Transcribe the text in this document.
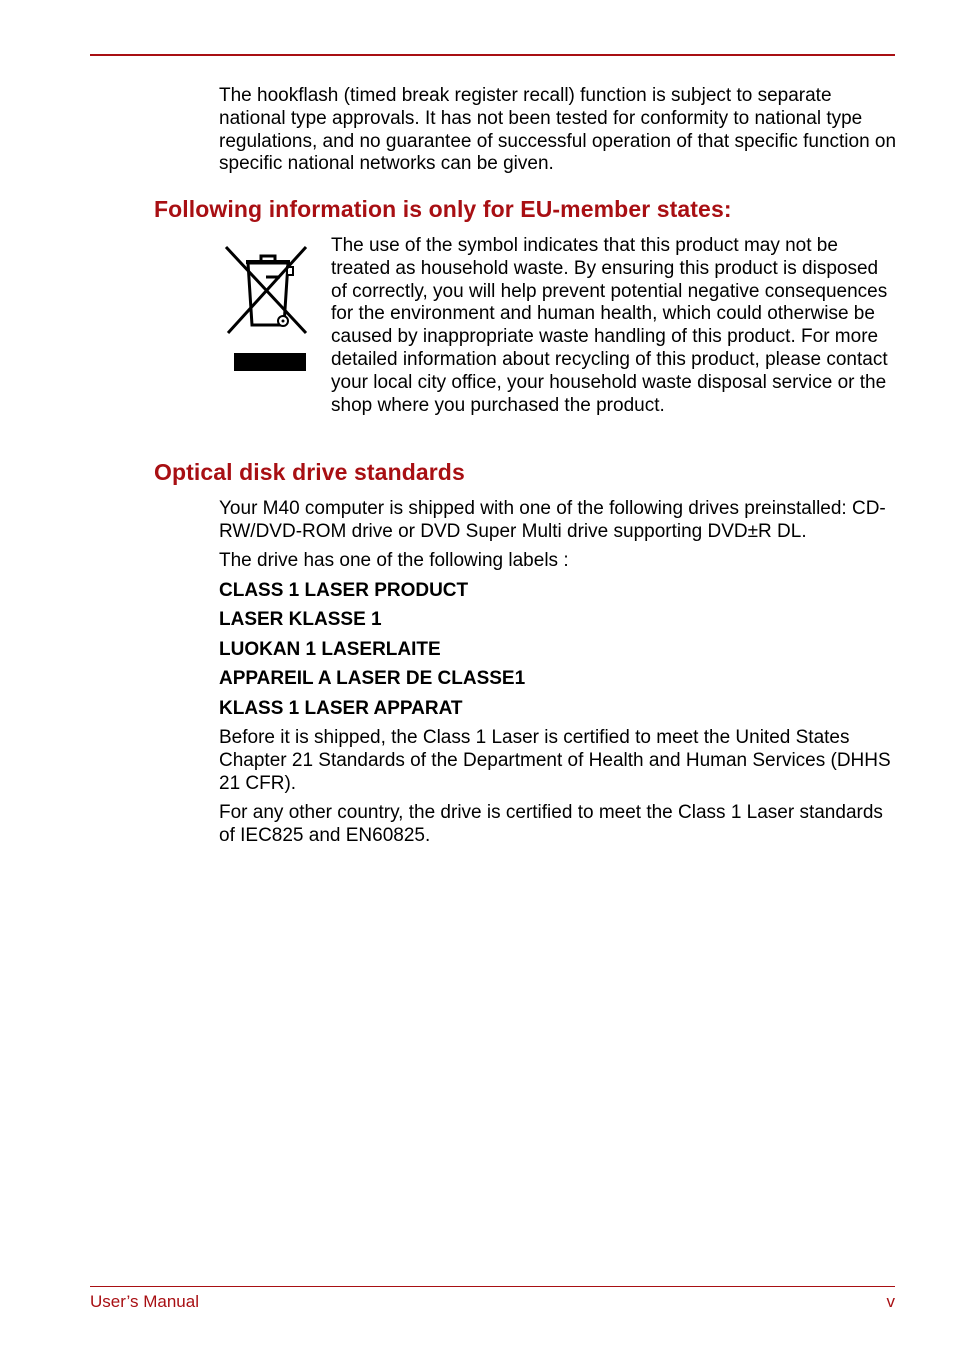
The hookflash (timed break register recall) function is subject to separate national type approvals. It has not been tested for conformity to national type regulations, and no guarantee of successful operation of that specific function on specific national networks can be given.

Following information is only for EU-member states:

The use of the symbol indicates that this product may not be treated as household waste. By ensuring this product is disposed of correctly, you will help prevent potential negative consequences for the environment and human health, which could otherwise be caused by inappropriate waste handling of this product. For more detailed information about recycling of this product, please contact your local city office, your household waste disposal service or the shop where you purchased the product.

Optical disk drive standards

Your M40 computer is shipped with one of the following drives preinstalled: CD-RW/DVD-ROM drive or DVD Super Multi drive supporting DVD±R DL.

The drive has one of the following labels :

CLASS 1 LASER PRODUCT

LASER KLASSE 1

LUOKAN 1 LASERLAITE

APPAREIL A LASER DE CLASSE1

KLASS 1 LASER APPARAT

Before it is shipped, the Class 1 Laser is certified to meet the United States Chapter 21 Standards of the Department of Health and Human Services (DHHS 21 CFR).

For any other country, the drive is certified to meet the Class 1 Laser standards of IEC825 and EN60825.

User’s Manual	v
